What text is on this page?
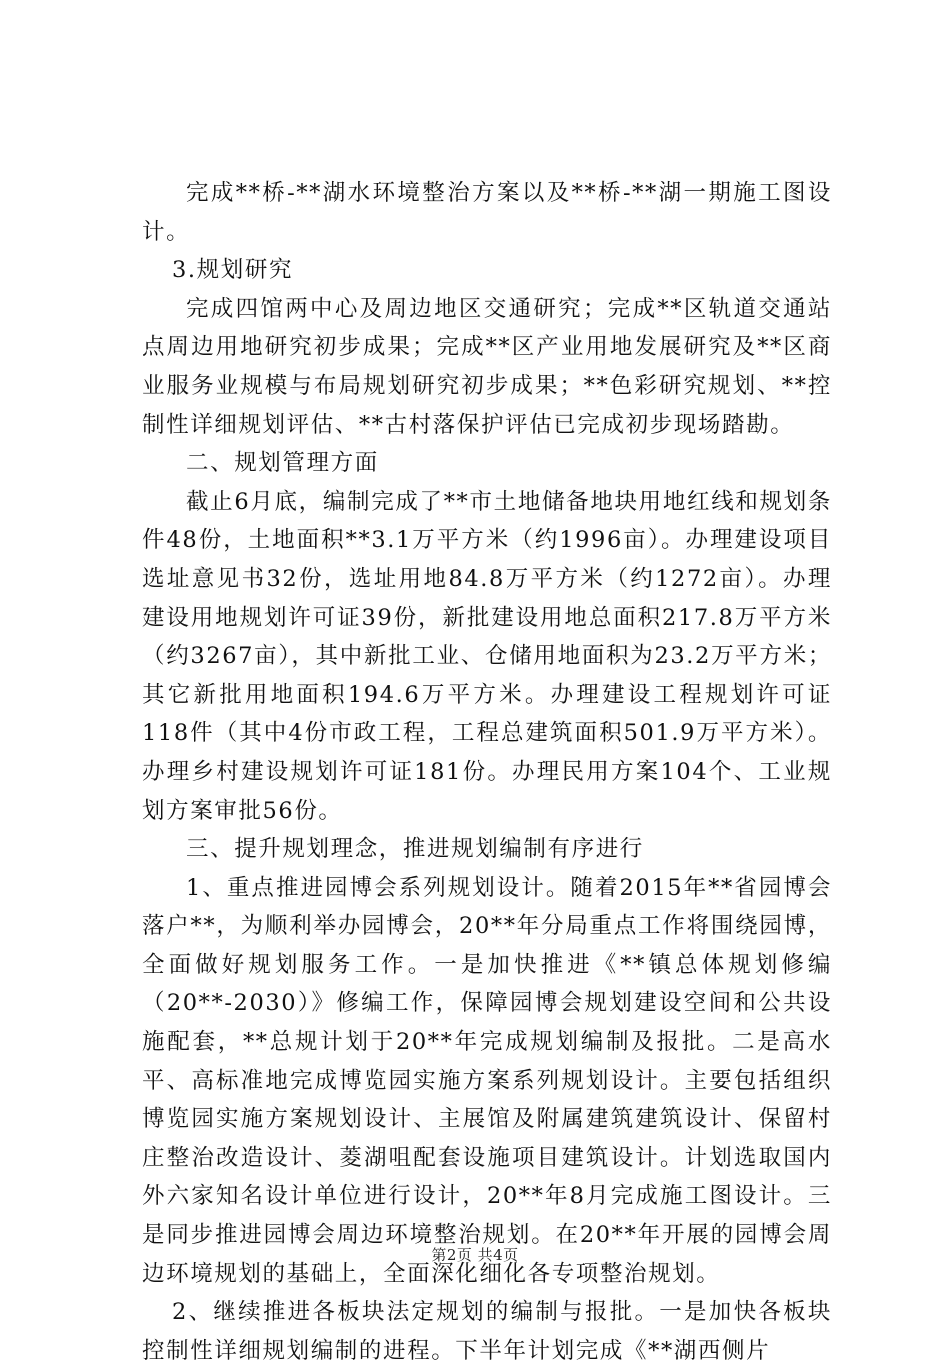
完成**桥-**湖水环境整治方案以及**桥-**湖一期施工图设计。

3.规划研究

完成四馆两中心及周边地区交通研究；完成**区轨道交通站点周边用地研究初步成果；完成**区产业用地发展研究及**区商业服务业规模与布局规划研究初步成果；**色彩研究规划、**控制性详细规划评估、**古村落保护评估已完成初步现场踏勘。

二、规划管理方面

截止6月底，编制完成了**市土地储备地块用地红线和规划条件48份，土地面积**3.1万平方米（约1996亩）。办理建设项目选址意见书32份，选址用地84.8万平方米（约1272亩）。办理建设用地规划许可证39份，新批建设用地总面积217.8万平方米（约3267亩），其中新批工业、仓储用地面积为23.2万平方米；其它新批用地面积194.6万平方米。办理建设工程规划许可证118件（其中4份市政工程，工程总建筑面积501.9万平方米）。办理乡村建设规划许可证181份。办理民用方案104个、工业规划方案审批56份。

三、提升规划理念，推进规划编制有序进行

1、重点推进园博会系列规划设计。随着2015年**省园博会落户**，为顺利举办园博会，20**年分局重点工作将围绕园博，全面做好规划服务工作。一是加快推进《**镇总体规划修编（20**-2030）》修编工作，保障园博会规划建设空间和公共设施配套，**总规计划于20**年完成规划编制及报批。二是高水平、高标准地完成博览园实施方案系列规划设计。主要包括组织博览园实施方案规划设计、主展馆及附属建筑建筑设计、保留村庄整治改造设计、菱湖咀配套设施项目建筑设计。计划选取国内外六家知名设计单位进行设计，20**年8月完成施工图设计。三是同步推进园博会周边环境整治规划。在20**年开展的园博会周边环境规划的基础上，全面深化细化各专项整治规划。

2、继续推进各板块法定规划的编制与报批。一是加快各板块控制性详细规划编制的进程。下半年计划完成《**湖西侧片

第2页 共4页
